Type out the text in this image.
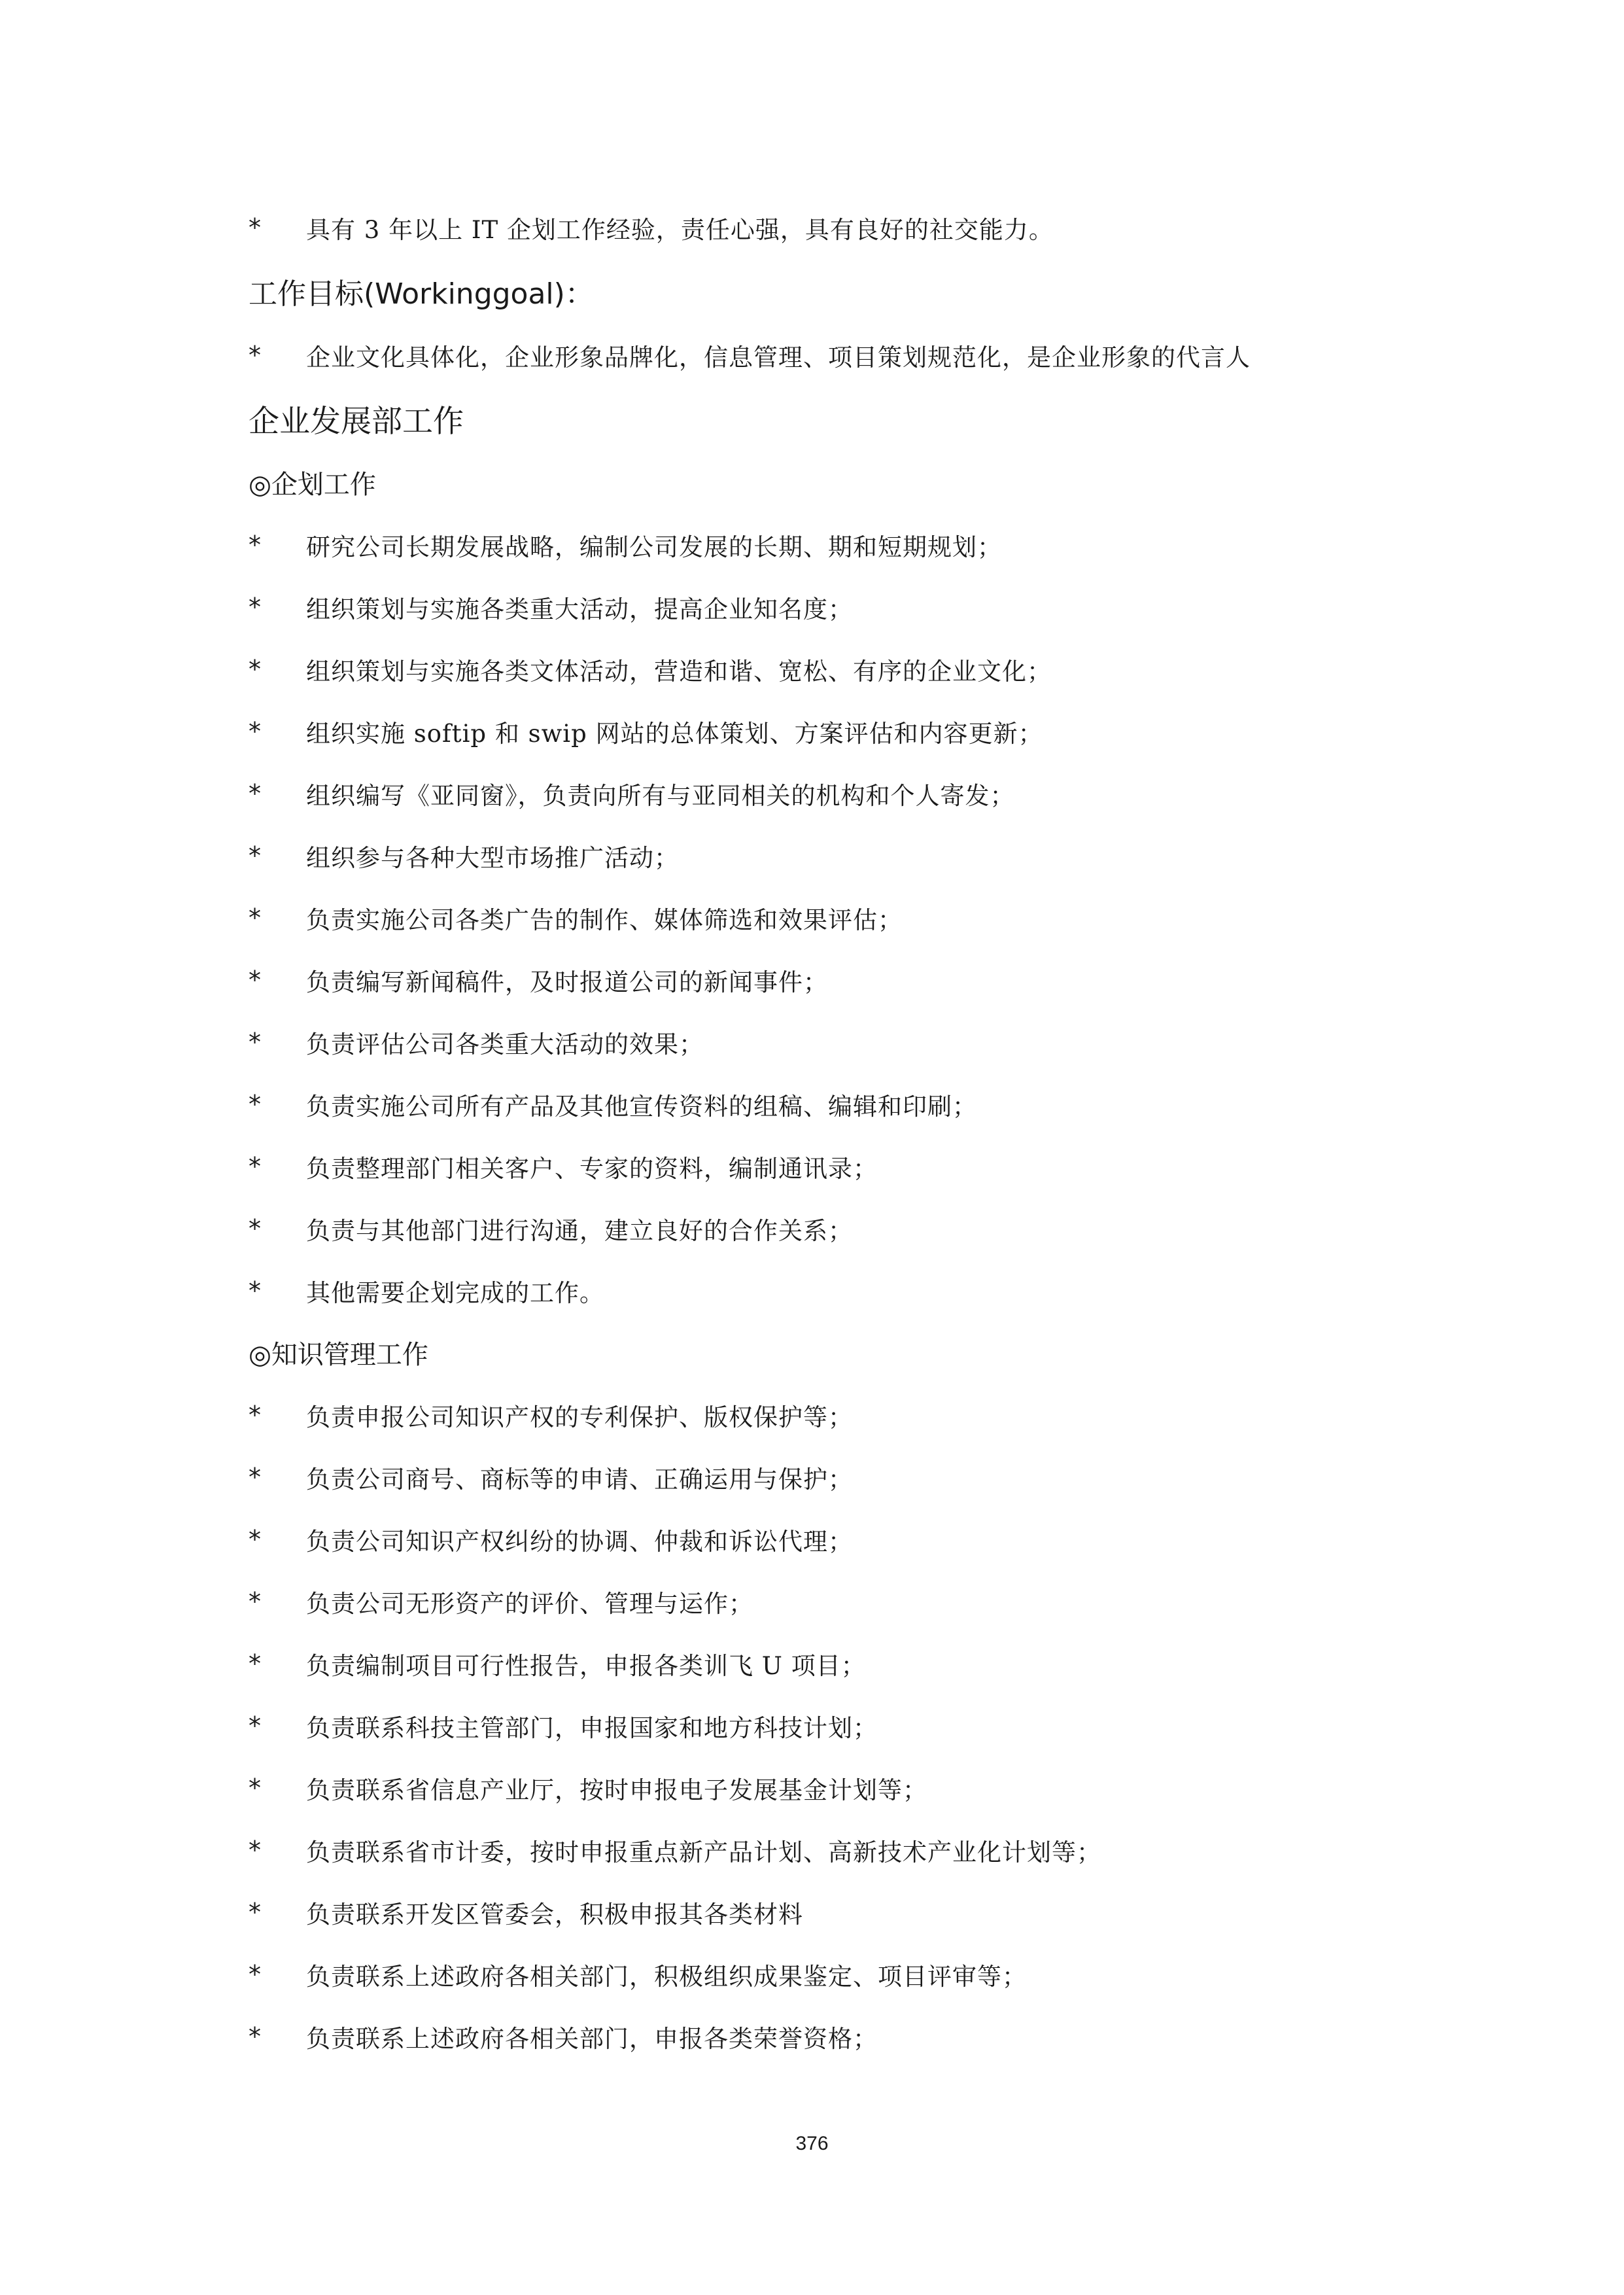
*	具有 3 年以上 IT 企划工作经验，责任心强，具有良好的社交能力。
工作目标(Workinggoal)：
*	企业文化具体化，企业形象品牌化，信息管理、项目策划规范化，是企业形象的代言人
企业发展部工作
◎企划工作
*	研究公司长期发展战略，编制公司发展的长期、期和短期规划；
*	组织策划与实施各类重大活动，提高企业知名度；
*	组织策划与实施各类文体活动，营造和谐、宽松、有序的企业文化；
*	组织实施 softip 和 swip 网站的总体策划、方案评估和内容更新；
*	组织编写《亚同窗》，负责向所有与亚同相关的机构和个人寄发；
*	组织参与各种大型市场推广活动；
*	负责实施公司各类广告的制作、媒体筛选和效果评估；
*	负责编写新闻稿件，及时报道公司的新闻事件；
*	负责评估公司各类重大活动的效果；
*	负责实施公司所有产品及其他宣传资料的组稿、编辑和印刷；
*	负责整理部门相关客户、专家的资料，编制通讯录；
*	负责与其他部门进行沟通，建立良好的合作关系；
*	其他需要企划完成的工作。
◎知识管理工作
*	负责申报公司知识产权的专利保护、版权保护等；
*	负责公司商号、商标等的申请、正确运用与保护；
*	负责公司知识产权纠纷的协调、仲裁和诉讼代理；
*	负责公司无形资产的评价、管理与运作；
*	负责编制项目可行性报告，申报各类训飞 U 项目；
*	负责联系科技主管部门，申报国家和地方科技计划；
*	负责联系省信息产业厅，按时申报电子发展基金计划等；
*	负责联系省市计委，按时申报重点新产品计划、高新技术产业化计划等；
*	负责联系开发区管委会，积极申报其各类材料
*	负责联系上述政府各相关部门，积极组织成果鉴定、项目评审等；
*	负责联系上述政府各相关部门，申报各类荣誉资格；
376
